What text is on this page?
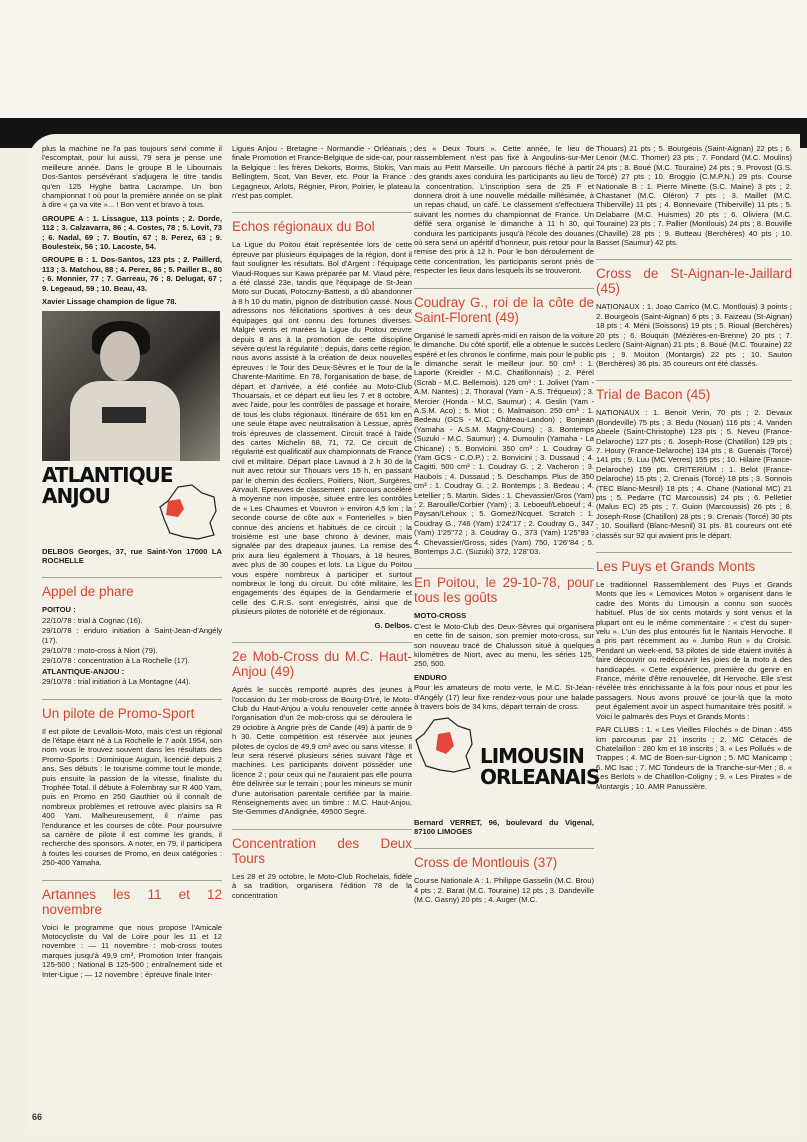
plus la machine ne l'a pas toujours servi comme il l'escomptait, pour lui aussi, 79 sera je pense une meilleure année. Dans le groupe B le Libournais Dos-Santos persévérant s'adjugera le titre tandis qu'en 125 Hyghe battra Lacrampe. Un bon championnat ! où pour la première année on se plait à dire « ça va vite »... ! Bon vent et bravo à tous.

GROUPE A : 1. Lissague, 113 points ; 2. Dorde, 112 ; 3. Calzavarra, 86 ; 4. Costes, 78 ; 5. Lovit, 73 ; 6. Nadal, 69 ; 7. Boutin, 67 ; 8. Perez, 63 ; 9. Boulesteix, 56 ; 10. Lacoste, 54.

GROUPE B : 1. Dos-Santos, 123 pts ; 2. Paillerd, 113 ; 3. Matchou, 88 ; 4. Perez, 86 ; 5. Pailler B., 80 ; 6. Monnier, 77 ; 7. Garreau, 76 ; 8. Delugat, 67 ; 9. Legeaud, 59 ; 10. Beau, 43.

Xavier Lissage champion de ligue 78.

ATLANTIQUE
ANJOU

DELBOS Georges, 37, rue Saint-Yon 17000 LA ROCHELLE

Appel de phare

POITOU :

22/10/78 : trial à Cognac (16).

29/10/78 : enduro initiation à Saint-Jean-d'Angély (17).

29/10/78 : moto-cross à Niort (79).

29/10/78 : concentration à La Rochelle (17).

ATLANTIQUE-ANJOU :

29/10/78 : trial initiation à La Montagne (44).

Un pilote de Promo-Sport

Il est pilote de Levallois-Moto, mais c'est un régional de l'étape étant né à La Rochelle le 7 août 1954, son nom vous le trouvez souvent dans les résultats des Promo-Sports : Dominique Auguin, licencié depuis 2 ans. Ses débuts : le tourisme comme tout le monde, puis ensuite la passion de la vitesse, finaliste du Trophée Total. Il débute à Folembray sur R 400 Yam, puis en Promo en 250 Gauthier où il connaît de nombreux problèmes et retrouve avec plaisirs sa R 400 Yam. Malheureusement, il n'aime pas l'endurance et les courses de côte. Pour poursuivre sa carrière de pilote il est comme les grands, il recherche des sponsors. A noter, en 79, il participera à toutes les courses de Promo, en deux catégories : 250-400 Yamaha.

Artannes les 11 et 12 novembre

Voici le programme que nous propose l'Amicale Motocycliste du Val de Loire pour les 11 et 12 novembre : — 11 novembre : mob-cross toutes marques jusqu'à 49,9 cm³, Promotion Inter français 125-500 ; National B 125-500 ; entraînement side et Inter-Ligue ; — 12 novembre : épreuve finale Inter-

Ligues Anjou - Bretagne - Normandie - Orléanais ; finale Promotion et France-Belgique de side-car, pour la Belgique : les frères Dekorts, Borms, Stokis, Van Bellingtem, Scot, Van Bever, etc. Pour la France : Legagneux, Arlots, Régnier, Piron, Poirier, le plateau n'est pas complet.

Echos régionaux du Bol

La Ligue du Poitou était représentée lors de cette épreuve par plusieurs équipages de la région, dont il faut souligner les résultats. Bol d'Argent : l'équipage Viaud-Roques sur Kawa préparée par M. Viaud père, a été classé 23e, tandis que l'équipage de St-Jean Moto sur Ducati, Potoczny-Battesti, a dû abandonner à 8 h 10 du matin, pignon de distribution cassé. Nous adressons nos félicitations sportives à ces deux équipages qui ont connu des fortunes diverses. Malgré vents et marées la Ligue du Poitou œuvre depuis 8 ans à la promotion de cette discipline sévère qu'est la régularité ; depuis, dans cette région, nous avons assisté à la création de deux nouvelles épreuves : le Tour des Deux-Sèvres et le Tour de la Charente-Maritime. En 78, l'organisation de base, de départ et d'arrivée, a été confiée au Moto-Club Thouarsais, et ce départ eut lieu les 7 et 8 octobre, avec l'aide, pour les contrôles de passage et horaire, de tous les clubs régionaux. Itinéraire de 651 km en une seule étape avec neutralisation à Lessue, après trois épreuves de classement. Circuit tracé à l'aide des cartes Michelin 68, 71, 72. Ce circuit de régularité est qualificatif aux championnats de France civil et militaire. Départ place Lavaud à 2 h 30 de la nuit avec retour sur Thouars vers 15 h, en passant par le chemin des écoliers, Poitiers, Niort, Surgères, Airvault. Epreuves de classement : parcours accéléré à moyenne non imposée, située entre les contrôles de « Les Chaumes et Vouvron » environ 4,5 km ; la seconde course de côte aux « Fontenelles » bien connue des anciens et habitués de ce circuit ; la troisième est une base chrono à deviner, mais signalée par des drapeaux jaunes. La remise des prix aura lieu également à Thouars, à 18 heures, avec plus de 30 coupes et lots. La Ligue du Poitou vous espère nombreux à participer et surtout nombreux le long du circuit. Du côté militaire, les engagements des équipes de la Gendarmerie et celle des C.R.S. sont enregistrés, ainsi que de plusieurs pilotes de notoriété et de régionaux.

G. Delbos.

2e Mob-Cross du M.C. Haut-Anjou (49)

Après le succès remporté auprès des jeunes à l'occasion du 1er mob-cross de Bourg-D'Iré, le Moto-Club du Haut-Anjou a voulu renouveler cette année l'organisation d'un 2e mob-cross qui se déroulera le 29 octobre à Angrie près de Cande (49) à partir de 9 h 30. Cette compétition est réservée aux jeunes pilotes de cyclos de 49,9 cm³ avec ou sans vitesse. Il leur sera réservé plusieurs séries suivant l'âge et machines. Les participants doivent posséder une licence 2 ; pour ceux qui ne l'auraient pas elle pourra être délivrée sur le terrain ; pour les mineurs se munir d'une autorisation parentale certifiée par la mairie. Renseignements avec un timbre : M.C. Haut-Anjou, Ste-Gemmes d'Andignée, 49500 Segré.

Concentration des Deux Tours

Les 28 et 29 octobre, le Moto-Club Rochelais, fidèle à sa tradition, organisera l'édition 78 de la concentration

des « Deux Tours ». Cette année, le lieu de rassemblement n'est pas fixé à Angoulins-sur-Mer mais au Petit Marseille. Un parcours fléché à partir des grands axes conduira les participants au lieu de la concentration. L'inscription sera de 25 F et donnera droit à une nouvelle médaille millésimée, à un repas chaud, un café. Le classement s'effectuera suivant les normes du championnat de France. Un défilé sera organisé le dimanche à 11 h 30, qui conduira les participants jusqu'à l'école des douanes où sera servi un apéritif d'honneur, puis retour pour la remise des prix à 12 h. Pour le bon déroulement de cette concentration, les participants seront priés de respecter les lieux dans lesquels ils se trouveront.

Coudray G., roi de la côte de Saint-Florent (49)

Organisé le samedi après-midi en raison de la voiture le dimanche. Du côté sportif, elle a obtenue le succès espéré et les chronos le confirme, mais pour le public le dimanche serait le meilleur jour. 50 cm³ : 1. Laporte (Kreidler - M.C. Chatillonnais) ; 2. Pérel (Scrab - M.C. Bellemois). 125 cm³ : 1. Jolivet (Yam - A.M. Nantes) ; 2. Thoraval (Yam - A.S. Tréqueux) ; 3. Mercier (Honda - M.C. Saumur) ; 4. Geslin (Yam - A.S.M. Aco) ; 5. Miot ; 6. Malmaison. 250 cm³ : 1. Bedeau (GCS - M.C. Château-Landon) ; Bonjean (Yamaha - A.S.M. Magny-Cours) ; 3. Bontemps (Suzuki - M.C. Saumur) ; 4. Dumoulin (Yamaha - La Chicane) ; 5. Bonvicini. 350 cm³ : 1. Coudray G. (Yam GCS - C.O.P.) ; 2. Bonvicini ; 3. Dussaud ; 4. Cagitti. 500 cm³ : 1. Coudray G. ; 2. Vacheron ; 3. Haubois ; 4. Dussaud ; 5. Deschamps. Plus de 350 cm³ : 1. Coudray G. ; 2. Bontemps ; 3. Bedeau ; 4. Letellier ; 5. Martin. Sides : 1. Chevassier/Gros (Yam) ; 2. Barouille/Corbier (Yam) ; 3. Leboeuf/Leboeuf ; 4. Paysan/Lehoux ; 5. Gomez/Ncquet. Scratch : 1. Coudray G., 746 (Yam) 1'24''17 ; 2. Coudray G., 347 (Yam) 1'25''72 ; 3. Coudray G., 373 (Yam) 1'25''93 ; 4. Chevassier/Gross, sides (Yam) 750, 1'26''84 ; 5. Bontemps J.C. (Suzuki) 372, 1'28''03.

En Poitou, le 29-10-78, pour tous les goûts

MOTO-CROSS

C'est le Moto-Club des Deux-Sèvres qui organisera en cette fin de saison, son premier moto-cross, sur son nouveau tracé de Chalusson situé à quelques kilomètres de Niort, avec au menu, les séries 125, 250, 500.

ENDURO

Pour les amateurs de moto verte, le M.C. St-Jean-d'Angély (17) leur fixe rendez-vous pour une balade à travers bois de 34 kms, départ terrain de cross.

LIMOUSIN
ORLEANAIS

Bernard VERRET, 96, boulevard du Vigenal, 87100 LIMOGES

Cross de Montlouis (37)

Course Nationale A : 1. Philippe Gasselin (M.C. Brou) 4 pts ; 2. Barat (M.C. Touraine) 12 pts ; 3. Dandeville (M.C. Gasny) 20 pts ; 4. Auger (M.C.

Thouars) 21 pts ; 5. Bourgeois (Saint-Aignan) 22 pts ; 6. Lenoir (M.C. Thomer) 23 pts ; 7. Fondard (M.C. Moulins) 24 pts ; 8. Boué (M.C. Touraine) 24 pts ; 9. Provost (G.S. Torcé) 27 pts ; 10. Broggio (C.M.P.N.) 29 pts. Course Nationale B : 1. Pierre Minette (S.C. Maine) 3 pts ; 2. Chastanet (M.C. Oléron) 7 pts ; 3. Maillet (M.C. Thiberville) 11 pts ; 4. Bonnevaire (Thiberville) 11 pts ; 5. Delabarre (M.C. Huismes) 20 pts ; 6. Oliviera (M.C. Touraine) 23 pts ; 7. Pallier (Montlouis) 24 pts ; 8. Bouville (Chaville) 28 pts ; 9. Butteau (Berchères) 40 pts ; 10. Basset (Saumur) 42 pts.

Cross de St-Aignan-le-Jaillard (45)

NATIONAUX : 1. Joao Carrico (M.C. Montlouis) 3 points ; 2. Bourgeois (Saint-Aignan) 6 pts ; 3. Faizeau (St-Aignan) 18 pts ; 4. Méni (Soissons) 19 pts ; 5. Rioual (Berchères) 20 pts ; 6. Bouquin (Mézières-en-Brenne) 20 pts ; 7. Leclerc (Saint-Aignan) 21 pts ; 8. Boué (M.C. Touraine) 22 pts ; 9. Mouton (Montargis) 22 pts ; 10. Sauton (Berchères) 36 pts. 35 coureurs ont été classés.

Trial de Bacon (45)

NATIONAUX : 1. Benoit Verin, 70 pts ; 2. Devaux (Bondeville) 75 pts ; 3. Bedu (Nouan) 116 pts ; 4. Vanden Abeele (Saint-Christophe) 123 pts ; 5. Neveu (France-Delaroche) 127 pts ; 6. Joseph-Rose (Chatillon) 129 pts ; 7. Houry (France-Delaroche) 134 pts ; 8. Guenais (Torcé) 141 pts ; 9. Luu (MC Verres) 155 pts ; 10. Hilaire (France-Delaroche) 159 pts. CRITERIUM : 1. Belot (France-Delaroche) 15 pts ; 2. Crenais (Torcé) 18 pts ; 3. Sonnois (TEC Blanc-Mesnil) 18 pts ; 4. Chane (National MC) 21 pts ; 5. Pedarre (TC Marcoussis) 24 pts ; 6. Pelletier (Malus EC) 25 pts ; 7. Guion (Marcoussis) 26 pts ; 8. Joseph-Rose (Chatillon) 28 pts ; 9. Crenais (Torcé) 30 pts ; 10. Souillard (Blanc-Mesnil) 31 pts. 81 coureurs ont été classés sur 92 qui avaient pris le départ.

Les Puys et Grands Monts

Le traditionnel Rassemblement des Puys et Grands Monts que les « Lemovices Motos » organisent dans le cadre des Monts du Limousin a connu son succès habituel. Plus de six cents motards y sont venus et la plupart ont eu le même commentaire : « c'est du super-velu ». L'un des plus entourés fut le Nantais Hervoche. Il a pris part récemment au « Jumbo Run » du Croisic. Pendant un week-end, 53 pilotes de side étaient invités à faire découvrir ou redécouvrir les joies de la moto à des handicapés. « Cette expérience, première du genre en France, mérite d'être renouvelée, dit Hervoche. Elle s'est révélée très enrichissante à la fois pour nous et pour les passagers. Nous avons prouvé ce jour-là que la moto peut également avoir un aspect humanitaire très positif. » Voici le palmarès des Puys et Grands Monts :

PAR CLUBS : 1. « Les Vieilles Filochés » de Dinan : 455 km parcourus par 21 inscrits ; 2. MC Cétacés de Chatelaillon : 280 km et 18 inscrits ; 3. « Les Pollués » de Trappes ; 4. MC de Boen-sur-Lignon ; 5. MC Manicamp ; 6. MC Isac ; 7. MC Tondeurs de la Tranche-sur-Mer ; 8. « Les Berlots » de Chatillon-Coligny ; 9. « Les Pirates » de Montargis ; 10. AMR Panussière.

66
